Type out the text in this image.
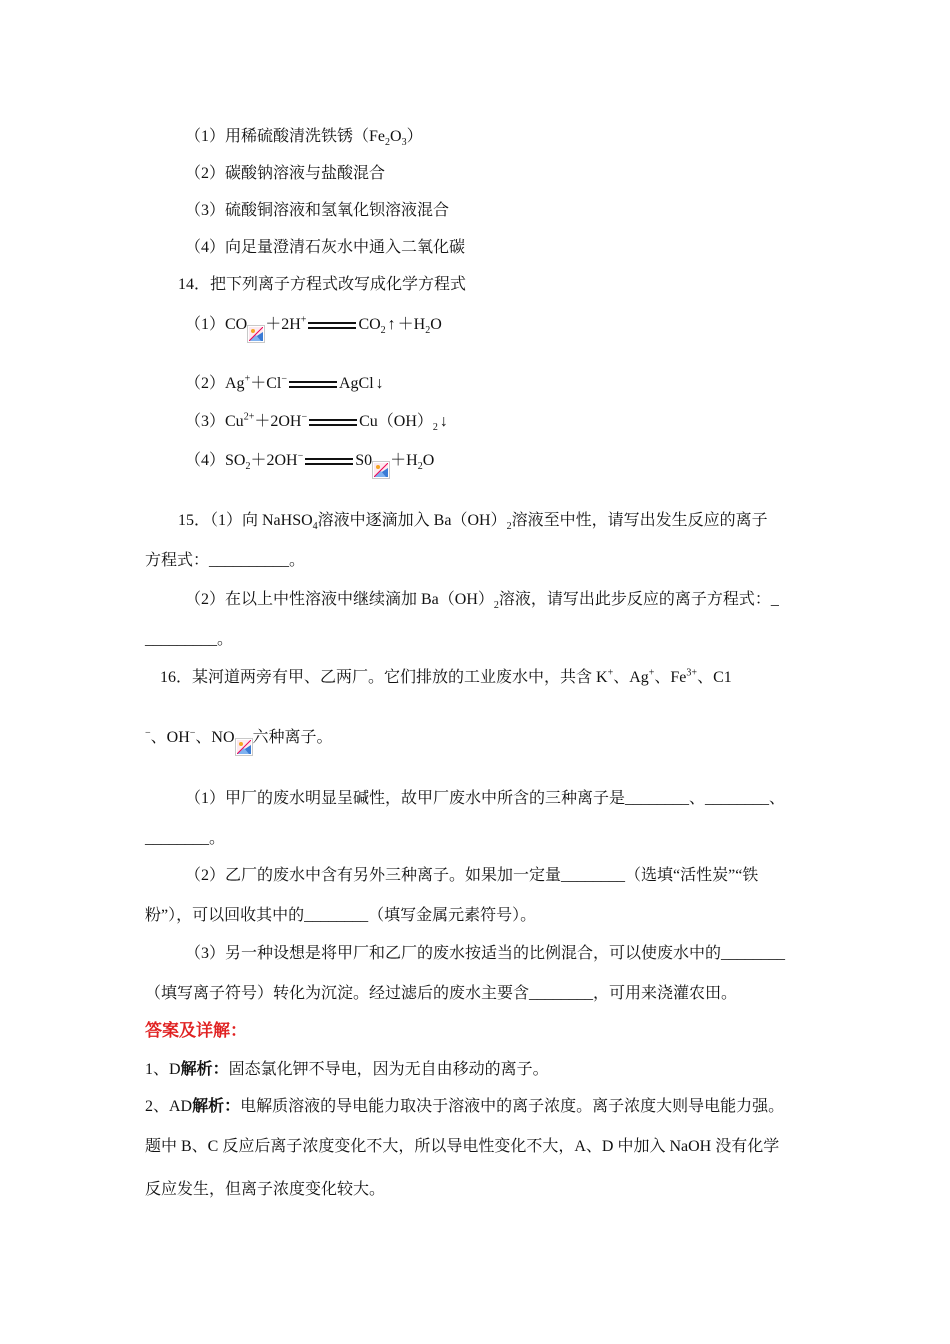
（1）用稀硫酸清洗铁锈$(Fe_2O_3)$
（2）碳酸钠溶液与盐酸混合
（3）硫酸铜溶液和氢氧化钡溶液混合
（4）向足量澄清石灰水中通入二氧化碳
14．把下列离子方程式改写成化学方程式
（1）CO ＋2H+	$CO_2$ ↑ $+H_2O$
（2）Ag+＋Cl−	AgCl ↓
$(3)Cu^{2+}+2OH^-$	$Cu(OH)_2$ ↓
$(4)SO_2+2OH^-$	$S0 +H_2O$
15．（1）向 NaHSO$_4$溶液中逐滴加入 $Ba(OH)_2$溶液至中性，请写出发生反应的离子
方程式：__________。
（2）在以上中性溶液中继续滴加 $Ba(OH)_2$溶液，请写出此步反应的离子方程式：_
_________。
16．某河道两旁有甲、乙两厂。它们排放的工业废水中，共含 K+、Ag+、$Fe^{3+}$、C1
−、OH−、NO 六种离子。
（1）甲厂的废水明显呈碱性，故甲厂废水中所含的三种离子是________、________、
________。
（2）乙厂的废水中含有另外三种离子。如果加一定量________（选填“活性炭”“铁
粉”），可以回收其中的________（填写金属元素符号）。
（3）另一种设想是将甲厂和乙厂的废水按适当的比例混合，可以使废水中的________
（填写离子符号）转化为沉淀。经过滤后的废水主要含________，可用来浇灌农田。
答案及详解：
1、D解析：固态氯化钾不导电，因为无自由移动的离子。
2、AD解析：电解质溶液的导电能力取决于溶液中的离子浓度。离子浓度大则导电能力强。
题中 B、C 反应后离子浓度变化不大，所以导电性变化不大，A、D 中加入 NaOH 没有化学
反应发生，但离子浓度变化较大。
